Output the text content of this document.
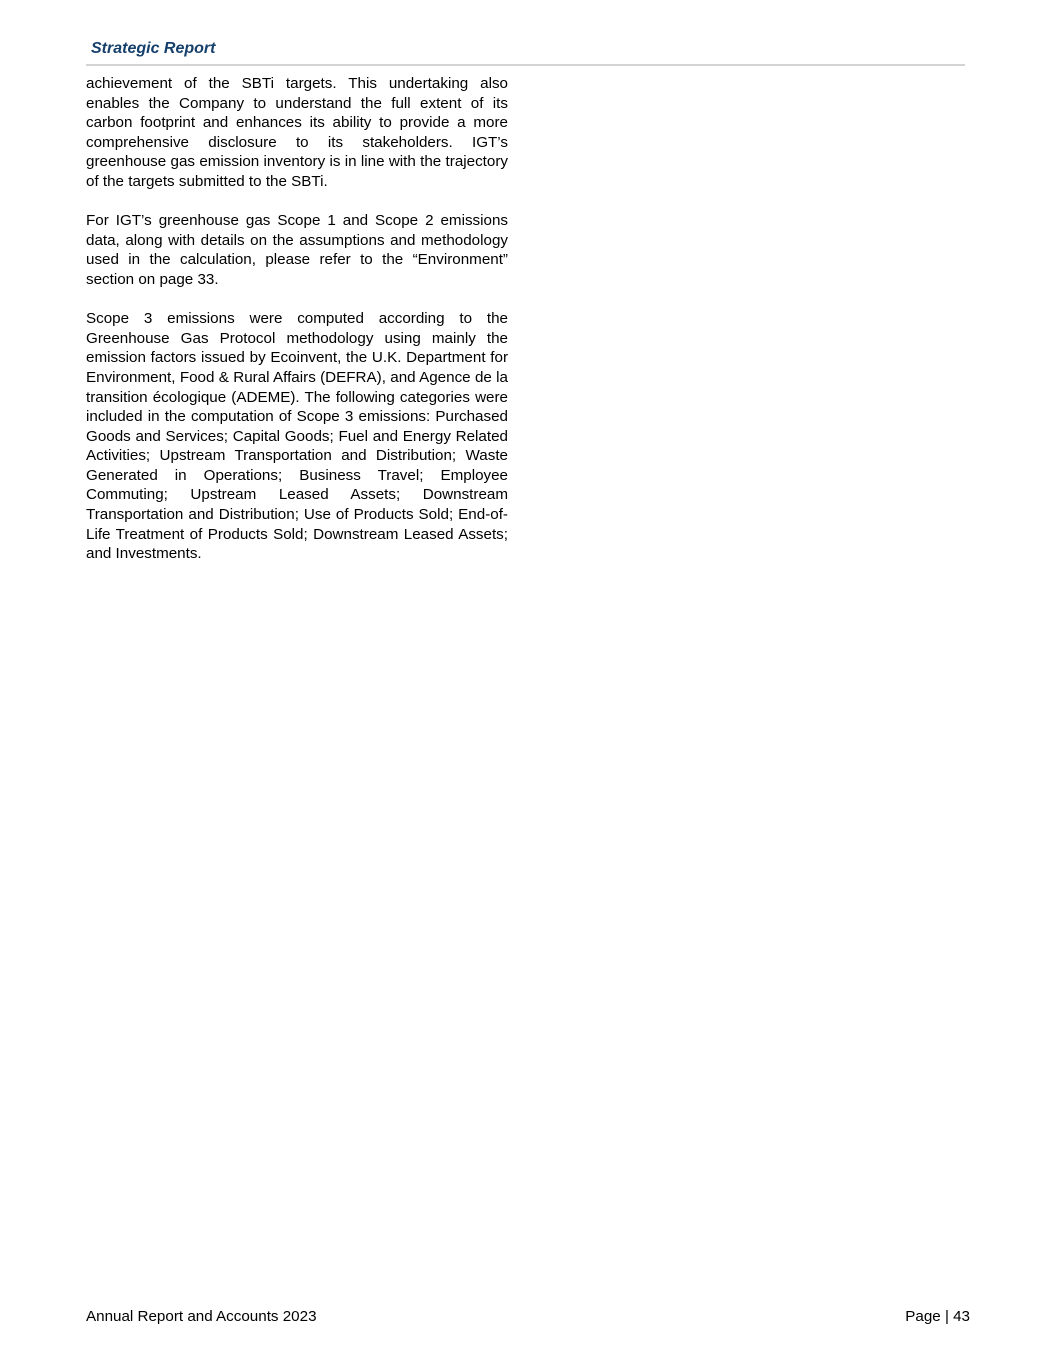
Strategic Report

achievement of the SBTi targets. This undertaking also enables the Company to understand the full extent of its carbon footprint and enhances its ability to provide a more comprehensive disclosure to its stakeholders. IGT’s greenhouse gas emission inventory is in line with the trajectory of the targets submitted to the SBTi.

For IGT’s greenhouse gas Scope 1 and Scope 2 emissions data, along with details on the assumptions and methodology used in the calculation, please refer to the “Environment” section on page 33.

Scope 3 emissions were computed according to the Greenhouse Gas Protocol methodology using mainly the emission factors issued by Ecoinvent, the U.K. Department for Environment, Food & Rural Affairs (DEFRA), and Agence de la transition écologique (ADEME). The following categories were included in the computation of Scope 3 emissions: Purchased Goods and Services; Capital Goods; Fuel and Energy Related Activities; Upstream Transportation and Distribution; Waste Generated in Operations; Business Travel; Employee Commuting; Upstream Leased Assets; Downstream Transportation and Distribution; Use of Products Sold; End-of-Life Treatment of Products Sold; Downstream Leased Assets; and Investments.

Annual Report and Accounts 2023	Page | 43
